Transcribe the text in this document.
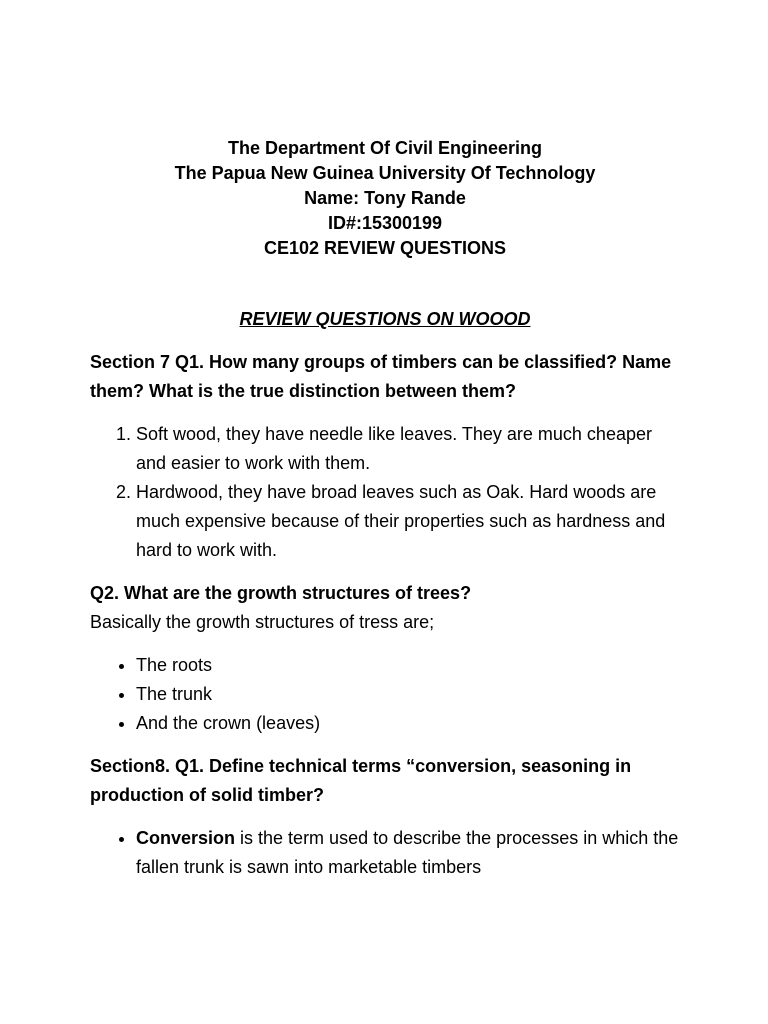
The Department Of Civil Engineering
The Papua New Guinea University Of Technology
Name: Tony Rande
ID#:15300199
CE102 REVIEW QUESTIONS
REVIEW QUESTIONS ON WOOOD
Section 7 Q1. How many groups of timbers can be classified? Name them? What is the true distinction between them?
1. Soft wood, they have needle like leaves. They are much cheaper and easier to work with them.
2. Hardwood, they have broad leaves such as Oak. Hard woods are much expensive because of their properties such as hardness and hard to work with.
Q2. What are the growth structures of trees?

Basically the growth structures of tress are;

• The roots
• The trunk
• And the crown (leaves)
Section8. Q1. Define technical terms “conversion, seasoning in production of solid timber?
• Conversion is the term used to describe the processes in which the fallen trunk is sawn into marketable timbers
